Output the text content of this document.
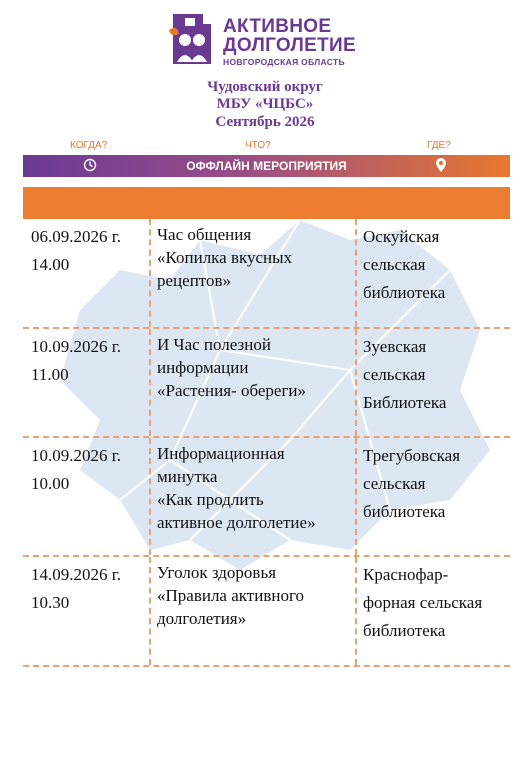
АКТИВНОЕ
ДОЛГОЛЕТИЕ
НОВГОРОДСКАЯ ОБЛАСТЬ
Чудовский округ
МБУ «ЧЦБС»
Сентябрь 2026
КОГДА?	ЧТО?	ГДЕ?
ОФФЛАЙН МЕРОПРИЯТИЯ
06.09.2026 г.
14.00
Час общения
«Копилка вкусных
рецептов»
Оскуйская
сельская
библиотека
10.09.2026 г.
11.00
И Час полезной
информации
«Растения- обереги»
Зуевская
сельская
Библиотека
10.09.2026 г.
10.00
Информационная
минутка
«Как продлить
активное долголетие»
Трегубовская
сельская
библиотека
14.09.2026 г.
10.30
Уголок здоровья
«Правила активного
долголетия»
Краснофар-
форная сельская
библиотека
